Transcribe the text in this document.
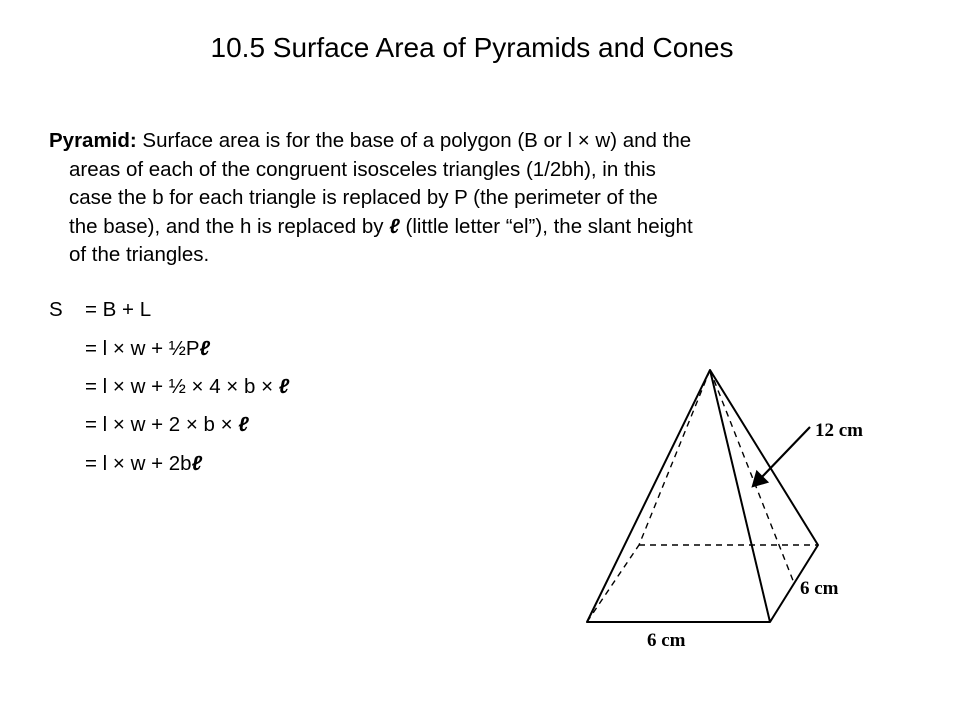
10.5 Surface Area of Pyramids and Cones
Pyramid: Surface area is for the base of a polygon (B or l × w) and the
areas of each of the congruent isosceles triangles (1/2bh), in this
case the b for each triangle is replaced by P (the perimeter of the
the base), and the h is replaced by ℓ (little letter “el”), the slant height
of the triangles.
S = B + L
= l × w + ½Pℓ
= l × w + ½ × 4 × b × ℓ
= l × w + 2 × b × ℓ
= l × w + 2bℓ
12 cm
6 cm
6 cm
